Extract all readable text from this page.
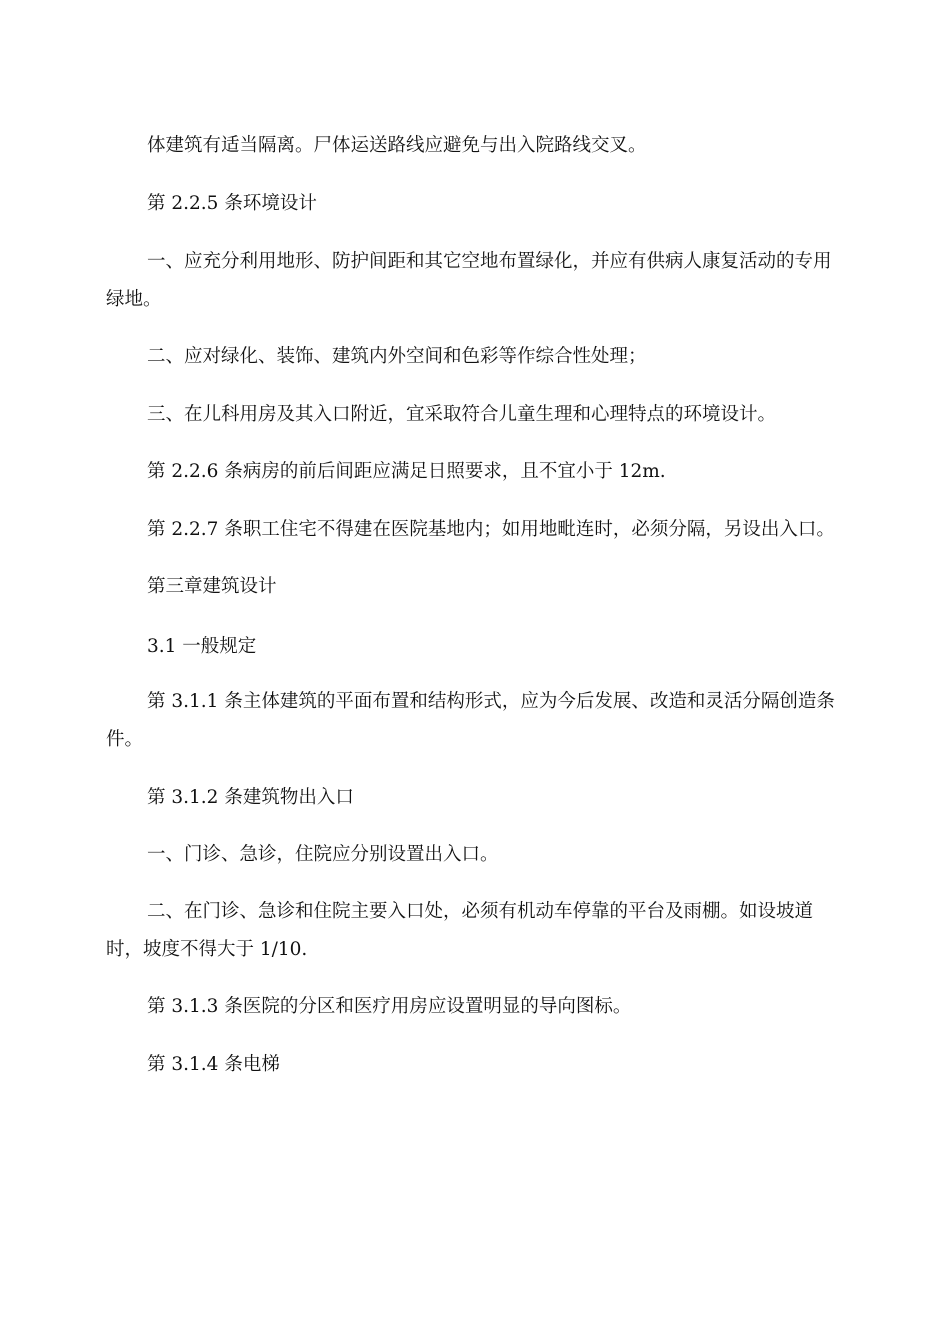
体建筑有适当隔离。尸体运送路线应避免与出入院路线交叉。

第 2.2.5 条环境设计

一、应充分利用地形、防护间距和其它空地布置绿化，并应有供病人康复活动的专用绿地。

二、应对绿化、装饰、建筑内外空间和色彩等作综合性处理；

三、在儿科用房及其入口附近，宜采取符合儿童生理和心理特点的环境设计。

第 2.2.6 条病房的前后间距应满足日照要求，且不宜小于 12m.

第 2.2.7 条职工住宅不得建在医院基地内；如用地毗连时，必须分隔，另设出入口。

第三章建筑设计

3.1 一般规定

第 3.1.1 条主体建筑的平面布置和结构形式，应为今后发展、改造和灵活分隔创造条件。

第 3.1.2 条建筑物出入口

一、门诊、急诊，住院应分别设置出入口。

二、在门诊、急诊和住院主要入口处，必须有机动车停靠的平台及雨棚。如设坡道时，坡度不得大于 1/10.

第 3.1.3 条医院的分区和医疗用房应设置明显的导向图标。

第 3.1.4 条电梯
